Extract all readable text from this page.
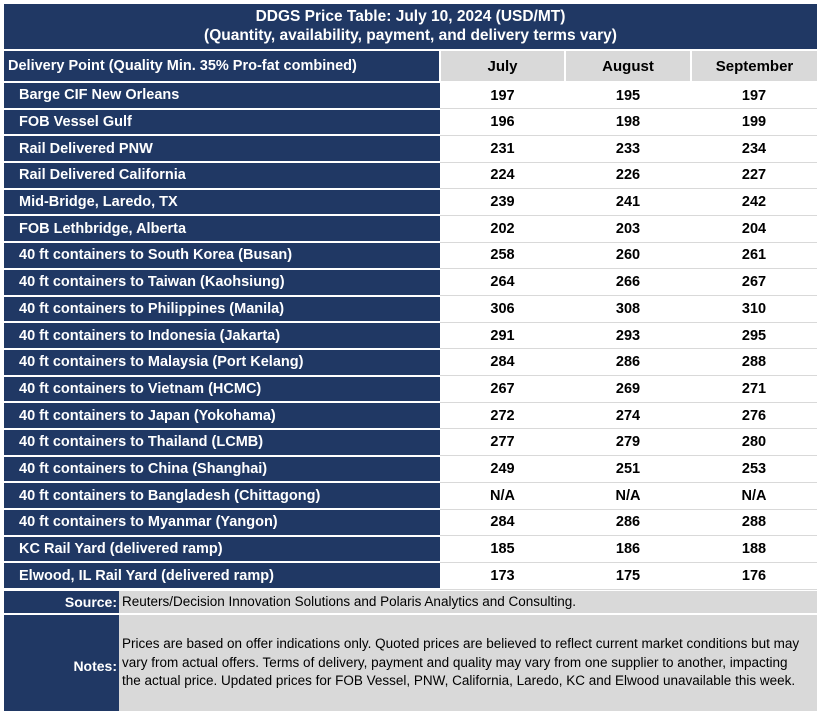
DDGS Price Table: July 10, 2024 (USD/MT)
(Quantity, availability, payment, and delivery terms vary)
Delivery Point (Quality Min. 35% Pro-fat combined)	July	August	September
Barge CIF New Orleans	197	195	197
FOB Vessel Gulf	196	198	199
Rail Delivered PNW	231	233	234
Rail Delivered California	224	226	227
Mid-Bridge, Laredo, TX	239	241	242
FOB Lethbridge, Alberta	202	203	204
40 ft containers to South Korea (Busan)	258	260	261
40 ft containers to Taiwan (Kaohsiung)	264	266	267
40 ft containers to Philippines (Manila)	306	308	310
40 ft containers to Indonesia (Jakarta)	291	293	295
40 ft containers to Malaysia (Port Kelang)	284	286	288
40 ft containers to Vietnam (HCMC)	267	269	271
40 ft containers to Japan (Yokohama)	272	274	276
40 ft containers to Thailand (LCMB)	277	279	280
40 ft containers to China (Shanghai)	249	251	253
40 ft containers to Bangladesh (Chittagong)	N/A	N/A	N/A
40 ft containers to Myanmar (Yangon)	284	286	288
KC Rail Yard (delivered ramp)	185	186	188
Elwood, IL Rail Yard (delivered ramp)	173	175	176
Source: Reuters/Decision Innovation Solutions and Polaris Analytics and Consulting.
Notes:
Prices are based on offer indications only. Quoted prices are believed to reflect current market conditions but may vary from actual offers. Terms of delivery, payment and quality may vary from one supplier to another, impacting the actual price. Updated prices for FOB Vessel, PNW, California, Laredo, KC and Elwood unavailable this week.
